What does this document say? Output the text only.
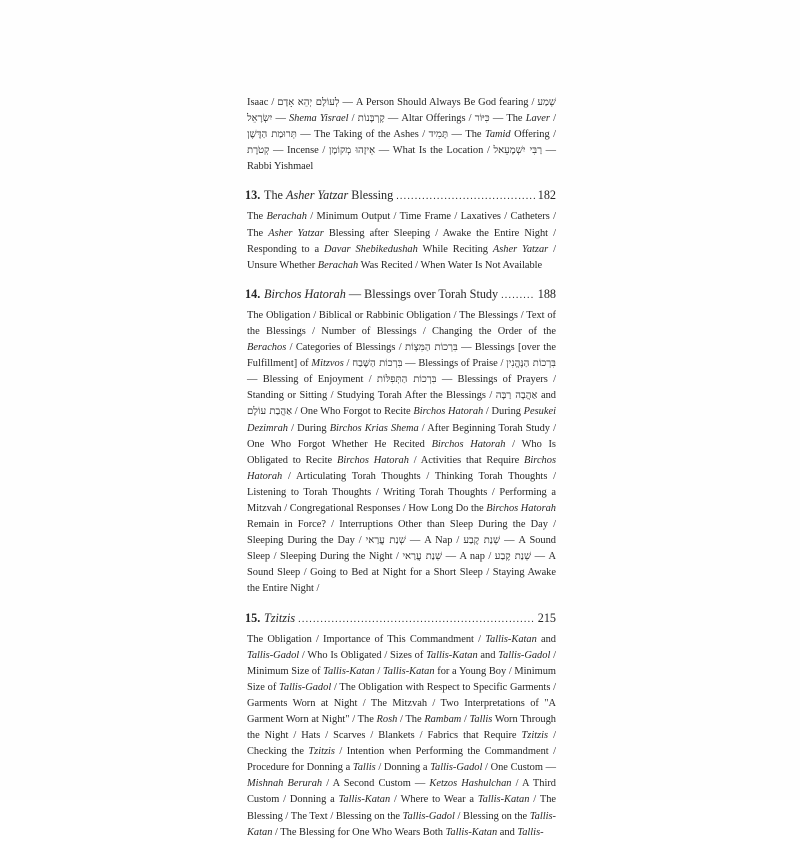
Isaac / לְעוֹלָם יְהֵא אָדָם — A Person Should Always Be God fearing / שְׁמַע יִשְׂרָאֵל — Shema Yisrael / קָרְבָּנוֹת — Altar Offerings / כִּיּוֹר — The Laver / תְּרוּמַת הַדֶּשֶׁן — The Taking of the Ashes / תָּמִיד — The Tamid Offering / קְטֹרֶת — Incense / אֵיזֶהוּ מְקוֹמָן — What Is the Location / רַבִּי יִשְׁמָעֵאל — Rabbi Yishmael

13. The Asher Yatzar Blessing .....	182

The Berachah / Minimum Output / Time Frame / Laxatives / Catheters / The Asher Yatzar Blessing after Sleeping / Awake the Entire Night / Responding to a Davar Shebikedushah While Reciting Asher Yatzar / Unsure Whether Berachah Was Recited / When Water Is Not Available

14. Birchos Hatorah — Blessings over Torah Study .....	188

The Obligation / Biblical or Rabbinic Obligation / The Blessings / Text of the Blessings / Number of Blessings / Changing the Order of the Berachos / Categories of Blessings / בִּרְכוֹת הַמִּצְוֹת — Blessings [over the Fulfillment] of Mitzvos / בִּרְכוֹת הַשֶּׁבַח — Blessings of Praise / בִּרְכוֹת הַנֶּהֱנִין — Blessing of Enjoyment / בִּרְכוֹת הַתְּפִלּוֹת — Blessings of Prayers / Standing or Sitting / Studying Torah After the Blessings / אַהֲבָה רַבָּה and אַהֲבַת עוֹלָם / One Who Forgot to Recite Birchos Hatorah / During Pesukei Dezimrah / During Birchos Krias Shema / After Beginning Torah Study / One Who Forgot Whether He Recited Birchos Hatorah / Who Is Obligated to Recite Birchos Hatorah / Activities that Require Birchos Hatorah / Articulating Torah Thoughts / Thinking Torah Thoughts / Listening to Torah Thoughts / Writing Torah Thoughts / Performing a Mitzvah / Congregational Responses / How Long Do the Birchos Hatorah Remain in Force? / Interruptions Other than Sleep During the Day / Sleeping During the Day / שְׁנַת עֲרַאי — A Nap / שְׁנַת קֶבַע — A Sound Sleep / Sleeping During the Night / שְׁנַת עֲרַאי — A nap / שְׁנַת קֶבַע — A Sound Sleep / Going to Bed at Night for a Short Sleep / Staying Awake the Entire Night /

15. Tzitzis .....	215

The Obligation / Importance of This Commandment / Tallis-Katan and Tallis-Gadol / Who Is Obligated / Sizes of Tallis-Katan and Tallis-Gadol / Minimum Size of Tallis-Katan / Tallis-Katan for a Young Boy / Minimum Size of Tallis-Gadol / The Obligation with Respect to Specific Garments / Garments Worn at Night / The Mitzvah / Two Interpretations of "A Garment Worn at Night" / The Rosh / The Rambam / Tallis Worn Through the Night / Hats / Scarves / Blankets / Fabrics that Require Tzitzis / Checking the Tzitzis / Intention when Performing the Commandment / Procedure for Donning a Tallis / Donning a Tallis-Gadol / One Custom — Mishnah Berurah / A Second Custom — Ketzos Hashulchan / A Third Custom / Donning a Tallis-Katan / Where to Wear a Tallis-Katan / The Blessing / The Text / Blessing on the Tallis-Gadol / Blessing on the Tallis-Katan / The Blessing for One Who Wears Both Tallis-Katan and Tallis-
